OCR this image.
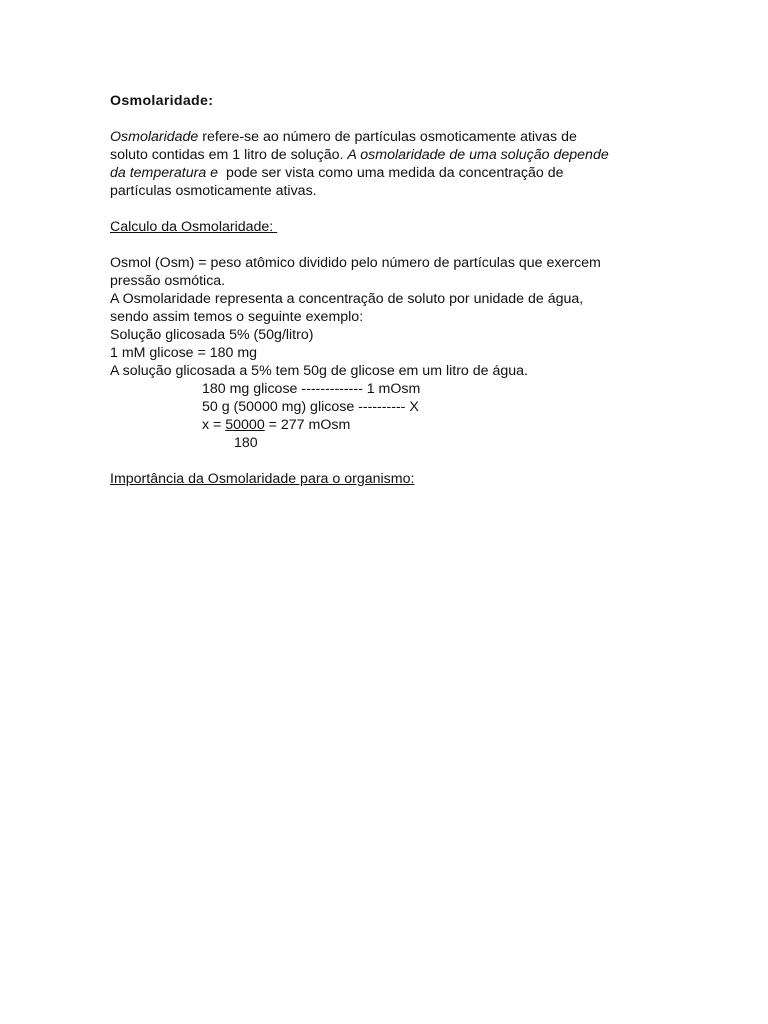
Osmolaridade:

Osmolaridade refere-se ao número de partículas osmoticamente ativas de

soluto contidas em 1 litro de solução. A osmolaridade de uma solução depende

da temperatura e  pode ser vista como uma medida da concentração de

partículas osmoticamente ativas.

Calculo da Osmolaridade:

Osmol (Osm) = peso atômico dividido pelo número de partículas que exercem

pressão osmótica.

A Osmolaridade representa a concentração de soluto por unidade de água,

sendo assim temos o seguinte exemplo:

Solução glicosada 5% (50g/litro)

1 mM glicose = 180 mg

A solução glicosada a 5% tem 50g de glicose em um litro de água.

180 mg glicose ------------- 1 mOsm

50 g (50000 mg) glicose ---------- X

x = 50000 = 277 mOsm

180

Importância da Osmolaridade para o organismo:
